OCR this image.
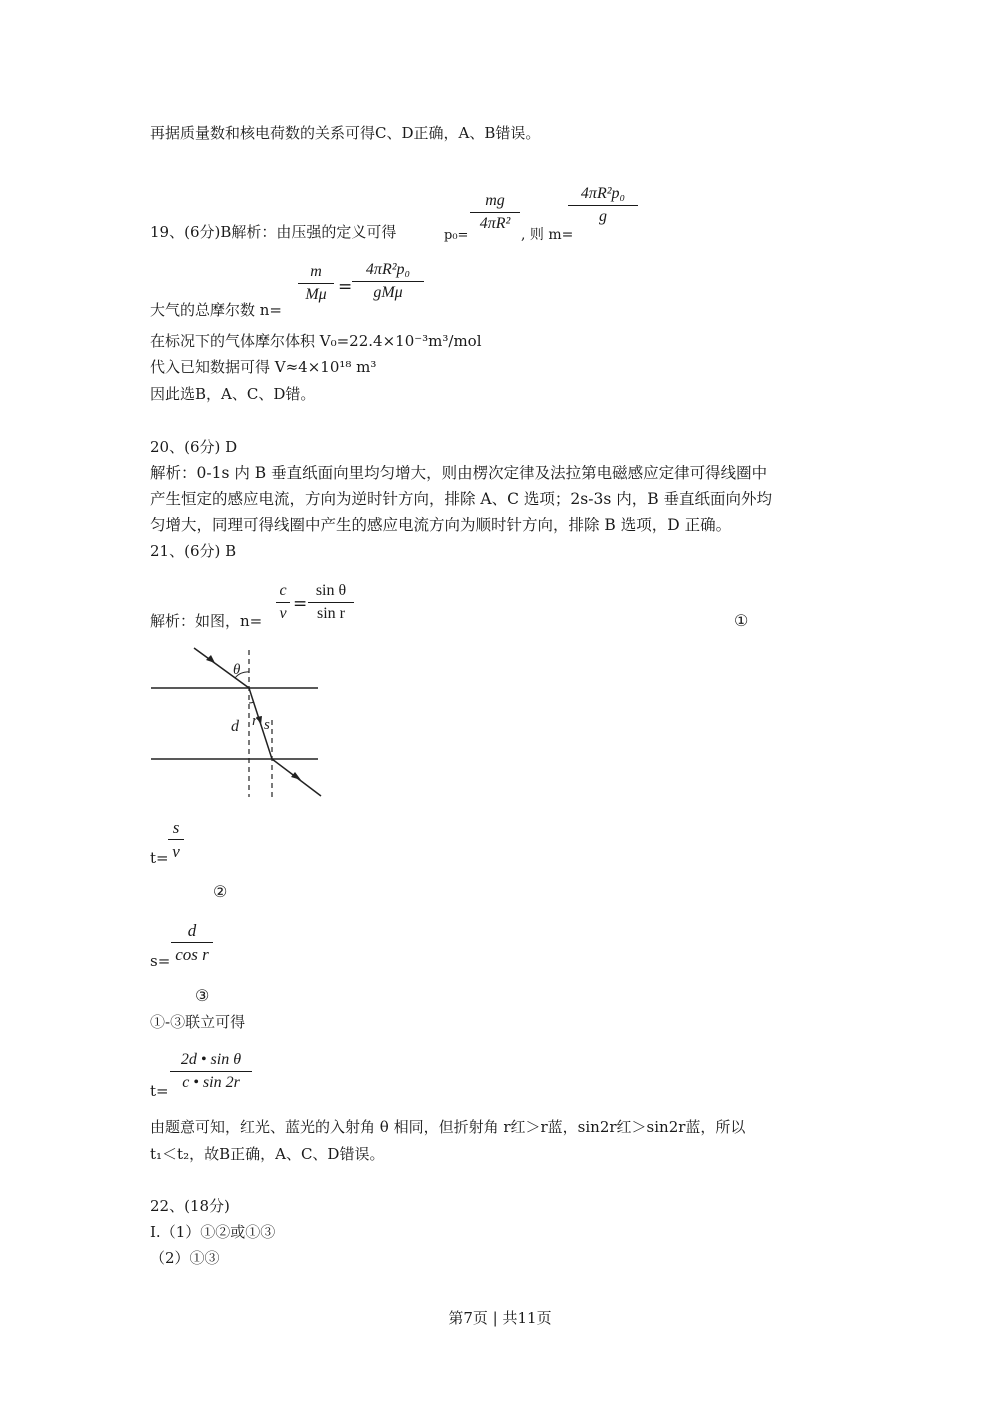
再据质量数和核电荷数的关系可得C、D正确，A、B错误。
19、(6分)B解析：由压强的定义可得	p₀=
mg
4πR²
, 则 m=
4πR²p₀
g
大气的总摩尔数 n=
m
Mμ =
4πR²p₀
gMμ
在标况下的气体摩尔体积 V₀=22.4×10⁻³m³/mol
代入已知数据可得 V≈4×10¹⁸ m³
因此选B，A、C、D错。
20、(6分) D
解析：0-1s 内 B 垂直纸面向里均匀增大，则由楞次定律及法拉第电磁感应定律可得线圈中
产生恒定的感应电流，方向为逆时针方向，排除 A、C 选项；2s-3s 内，B 垂直纸面向外均
匀增大，同理可得线圈中产生的感应电流方向为顺时针方向，排除 B 选项，D 正确。
21、(6分) B
解析：如图，n=
c
v =
sin θ
sin r	①
θ
d r s
t=
s
v
②
s=
d
cos r
③
①-③联立可得
t=
2d • sin θ
c • sin 2r
由题意可知，红光、蓝光的入射角 θ 相同，但折射角 r红＞r蓝，sin2r红＞sin2r蓝，所以
t₁＜t₂，故B正确，A、C、D错误。
22、(18分)
Ⅰ.（1）①②或①③
（2）①③
第7页 | 共11页
